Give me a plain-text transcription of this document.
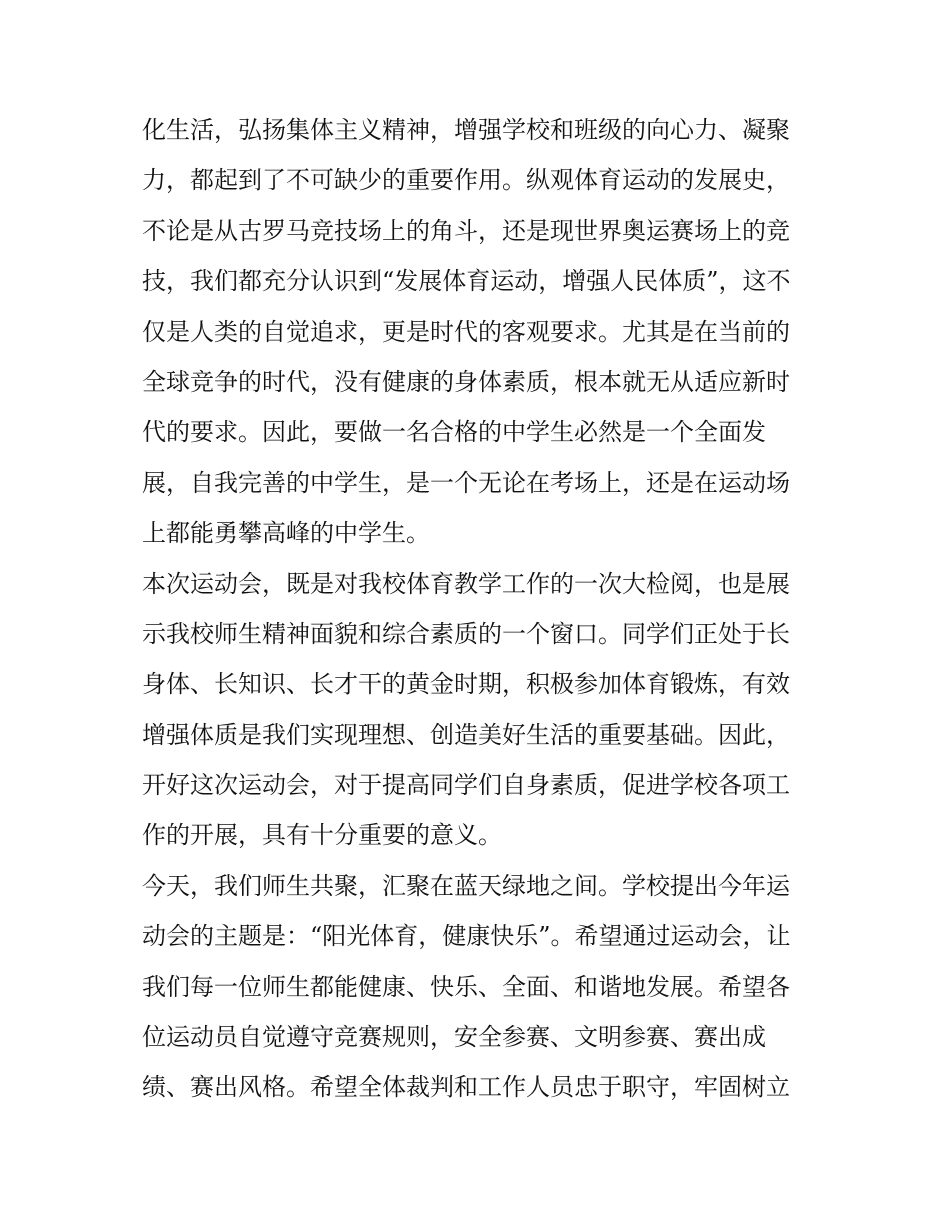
化生活，弘扬集体主义精神，增强学校和班级的向心力、凝聚
力，都起到了不可缺少的重要作用。纵观体育运动的发展史，
不论是从古罗马竞技场上的角斗，还是现世界奥运赛场上的竞
技，我们都充分认识到“发展体育运动，增强人民体质”，这不
仅是人类的自觉追求，更是时代的客观要求。尤其是在当前的
全球竞争的时代，没有健康的身体素质，根本就无从适应新时
代的要求。因此，要做一名合格的中学生必然是一个全面发
展，自我完善的中学生，是一个无论在考场上，还是在运动场
上都能勇攀高峰的中学生。
本次运动会，既是对我校体育教学工作的一次大检阅，也是展
示我校师生精神面貌和综合素质的一个窗口。同学们正处于长
身体、长知识、长才干的黄金时期，积极参加体育锻炼，有效
增强体质是我们实现理想、创造美好生活的重要基础。因此，
开好这次运动会，对于提高同学们自身素质，促进学校各项工
作的开展，具有十分重要的意义。
今天，我们师生共聚，汇聚在蓝天绿地之间。学校提出今年运
动会的主题是：“阳光体育，健康快乐”。希望通过运动会，让
我们每一位师生都能健康、快乐、全面、和谐地发展。希望各
位运动员自觉遵守竞赛规则，安全参赛、文明参赛、赛出成
绩、赛出风格。希望全体裁判和工作人员忠于职守，牢固树立
